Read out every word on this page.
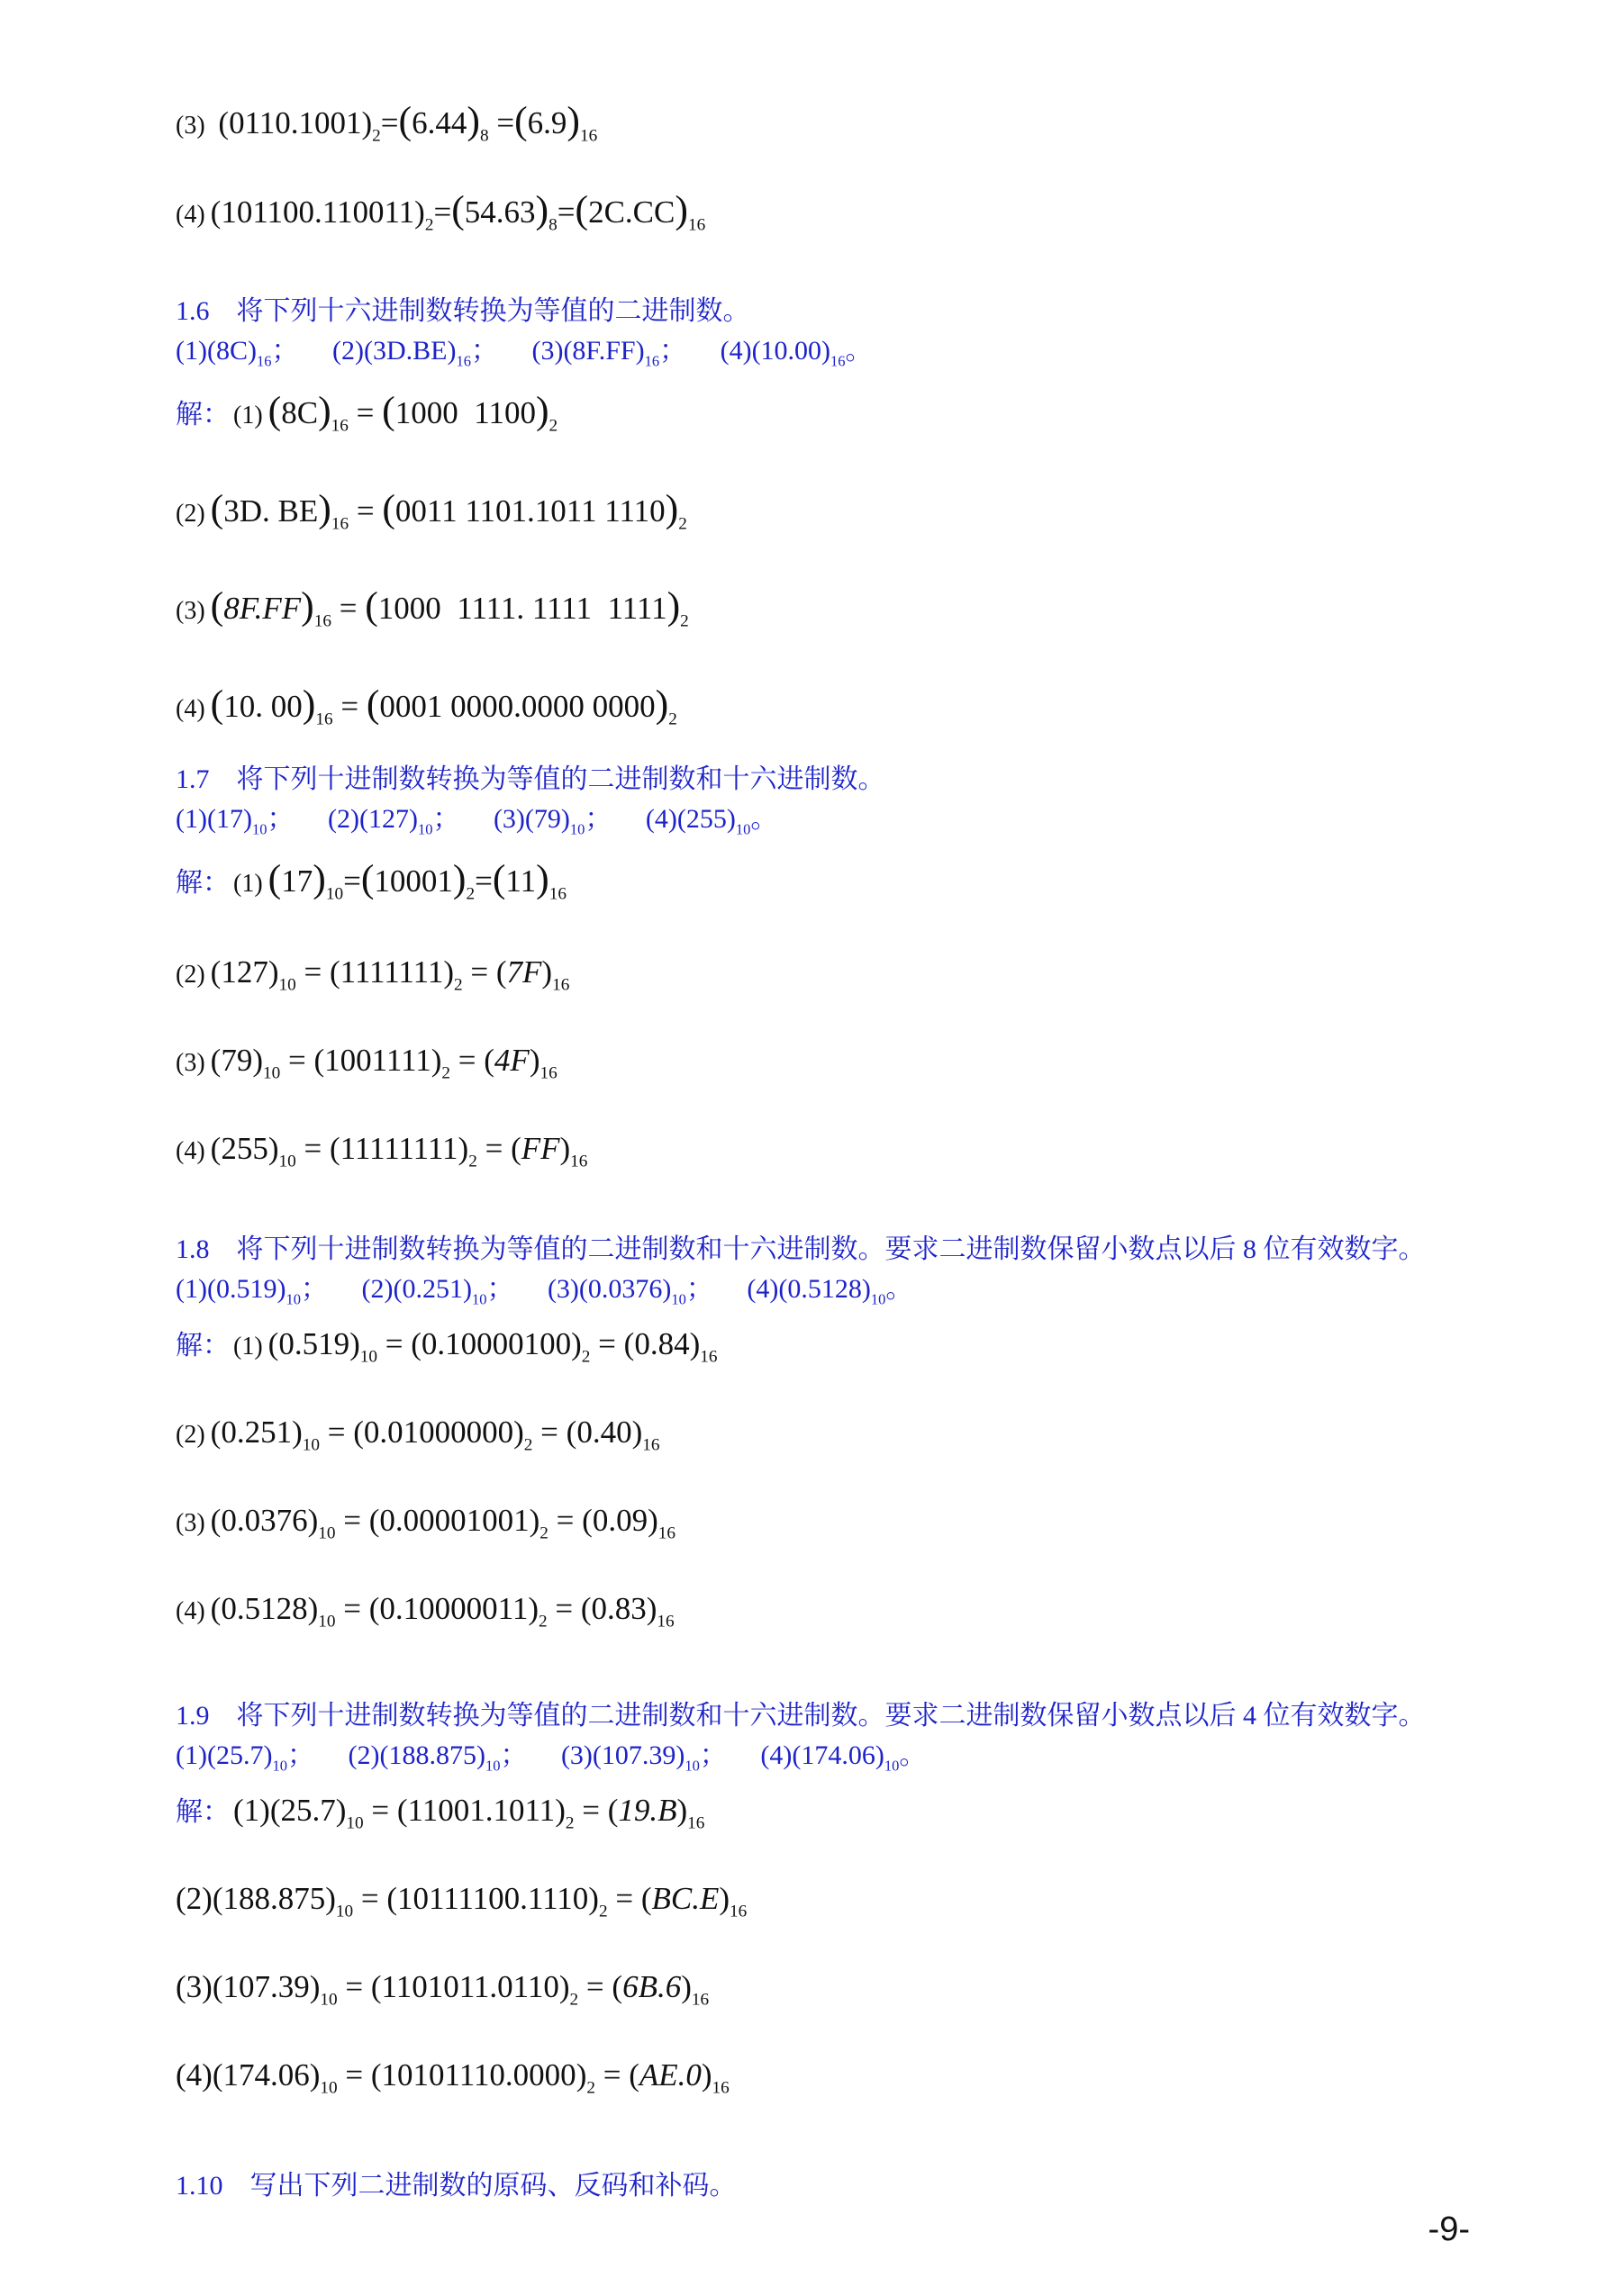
(3) $(0110.1001)_2=(6.44)_8 =(6.9)_{16}$
(4) $(101100.110011)_2=(54.63)_8=(2C.CC)_{16}$
1.6　将下列十六进制数转换为等值的二进制数。
$(1)(8C)_{16}$； $(2)(3D.BE)_{16}$； $(3)(8F.FF)_{16}$； $(4)(10.00)_{16}$。
解： (1) $(8C)_{16} = (1000$  $1100)_2$
(2) (3D. $BE)_{16} = (0011$ 1101.1011 $1110)_2$
(3) $(8F.FF)_{16} = (1000$  1111. 1111  $1111)_2$
(4) (10. $00)_{16} = (0001$ 0000.0000 $0000)_2$
1.7　将下列十进制数转换为等值的二进制数和十六进制数。
$(1)(17)_{10}$； $(2)(127)_{10}$； $(3)(79)_{10}$； $(4)(255)_{10}$。
解： (1) $(17)_{10}=(10001)_2=(11)_{16}$
(2) $(127)_{10} = (1111111)_2 = (7F)_{16}$
(3) $(79)_{10} = (1001111)_2 = (4F)_{16}$
(4) $(255)_{10} = (11111111)_2 = (FF)_{16}$
1.8　将下列十进制数转换为等值的二进制数和十六进制数。要求二进制数保留小数点以后 8 位有效数字。
$(1)(0.519)_{10}$； $(2)(0.251)_{10}$； $(3)(0.0376)_{10}$； $(4)(0.5128)_{10}$。
解： (1) $(0.519)_{10} = (0.10000100)_2 = (0.84)_{16}$
(2) $(0.251)_{10} = (0.01000000)_2 = (0.40)_{16}$
(3) $(0.0376)_{10} = (0.00001001)_2 = (0.09)_{16}$
(4) $(0.5128)_{10} = (0.10000011)_2 = (0.83)_{16}$
1.9　将下列十进制数转换为等值的二进制数和十六进制数。要求二进制数保留小数点以后 4 位有效数字。
$(1)(25.7)_{10}$； $(2)(188.875)_{10}$； $(3)(107.39)_{10}$； $(4)(174.06)_{10}$。
解： $(1)(25.7)_{10} = (11001.1011)_2 = (19.B)_{16}$
$(2)(188.875)_{10} = (10111100.1110)_2 = (BC.E)_{16}$
$(3)(107.39)_{10} = (1101011.0110)_2 = (6B.6)_{16}$
$(4)(174.06)_{10} = (10101110.0000)_2 = (AE.0)_{16}$
1.10　写出下列二进制数的原码、反码和补码。
-9-
